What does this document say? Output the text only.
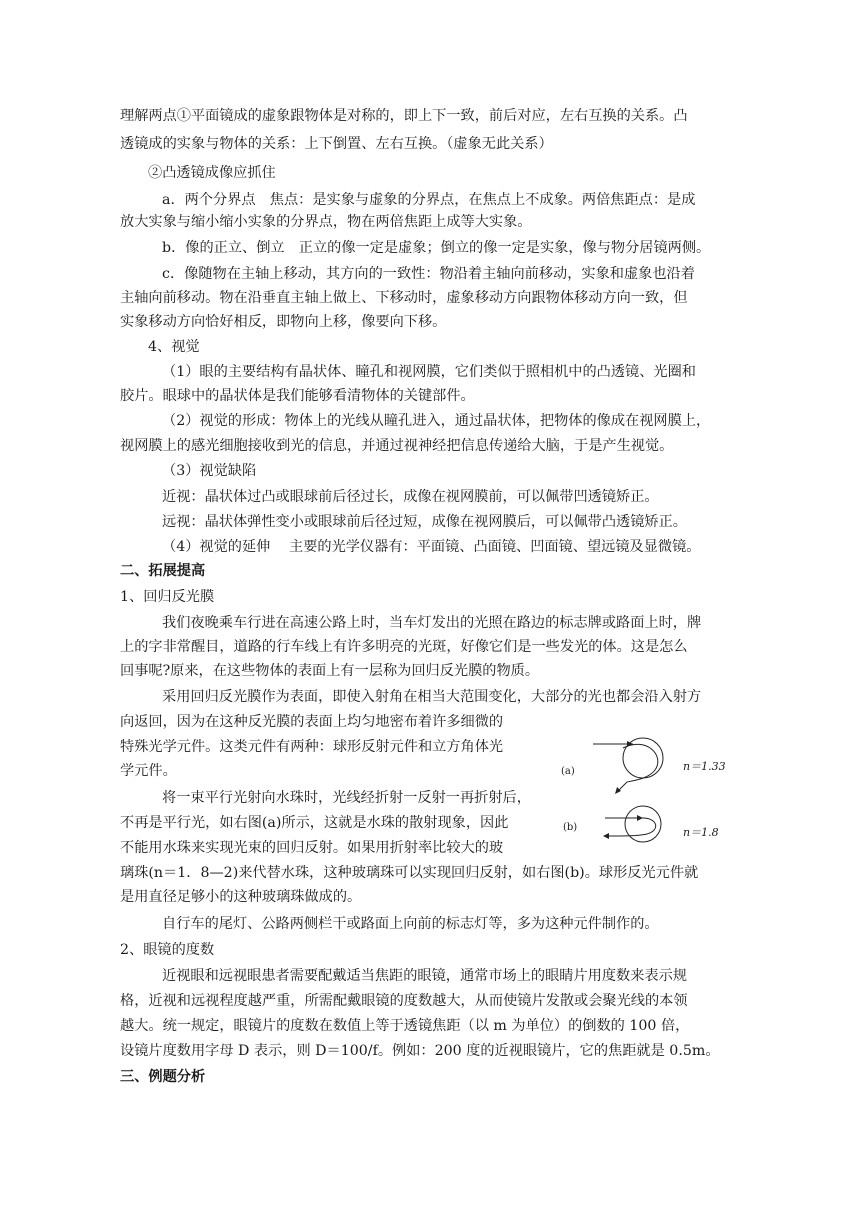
理解两点①平面镜成的虚象跟物体是对称的，即上下一致，前后对应，左右互换的关系。凸
透镜成的实象与物体的关系：上下倒置、左右互换。（虚象无此关系）
②凸透镜成像应抓住
a．两个分界点　焦点：是实象与虚象的分界点，在焦点上不成象。两倍焦距点：是成
放大实象与缩小缩小实象的分界点，物在两倍焦距上成等大实象。
b．像的正立、倒立　正立的像一定是虚象；倒立的像一定是实象，像与物分居镜两侧。
c．像随物在主轴上移动，其方向的一致性：物沿着主轴向前移动，实象和虚象也沿着
主轴向前移动。物在沿垂直主轴上做上、下移动时，虚象移动方向跟物体移动方向一致，但
实象移动方向恰好相反，即物向上移，像要向下移。
4、视觉
（1）眼的主要结构有晶状体、瞳孔和视网膜，它们类似于照相机中的凸透镜、光圈和
胶片。眼球中的晶状体是我们能够看清物体的关键部件。
（2）视觉的形成：物体上的光线从瞳孔进入，通过晶状体，把物体的像成在视网膜上，
视网膜上的感光细胞接收到光的信息，并通过视神经把信息传递给大脑，于是产生视觉。
（3）视觉缺陷
近视：晶状体过凸或眼球前后径过长，成像在视网膜前，可以佩带凹透镜矫正。
远视：晶状体弹性变小或眼球前后径过短，成像在视网膜后，可以佩带凸透镜矫正。
（4）视觉的延伸　 主要的光学仪器有：平面镜、凸面镜、凹面镜、望远镜及显微镜。
二、拓展提高
1、回归反光膜
我们夜晚乘车行进在高速公路上时，当车灯发出的光照在路边的标志牌或路面上时，牌
上的字非常醒目，道路的行车线上有许多明亮的光斑，好像它们是一些发光的体。这是怎么
回事呢?原来，在这些物体的表面上有一层称为回归反光膜的物质。
采用回归反光膜作为表面，即使入射角在相当大范围变化，大部分的光也都会沿入射方
向返回，因为在这种反光膜的表面上均匀地密布着许多细微的
特殊光学元件。这类元件有两种：球形反射元件和立方角体光
学元件。
将一束平行光射向水珠时，光线经折射一反射一再折射后，
不再是平行光，如右图(a)所示，这就是水珠的散射现象，因此
不能用水珠来实现光束的回归反射。如果用折射率比较大的玻
璃珠(n＝1．8—2)来代替水珠，这种玻璃珠可以实现回归反射，如右图(b)。球形反光元件就
是用直径足够小的这种玻璃珠做成的。
自行车的尾灯、公路两侧栏干或路面上向前的标志灯等，多为这种元件制作的。
2、眼镜的度数
近视眼和远视眼患者需要配戴适当焦距的眼镜，通常市场上的眼睛片用度数来表示规
格，近视和远视程度越严重，所需配戴眼镜的度数越大，从而使镜片发散或会聚光线的本领
越大。统一规定，眼镜片的度数在数值上等于透镜焦距（以 m 为单位）的倒数的 100 倍，
设镜片度数用字母 D 表示，则 D＝100/f。例如：200 度的近视眼镜片，它的焦距就是 0.5m。
三、例题分析
(a)	n＝1.33
(b)	n＝1.8
